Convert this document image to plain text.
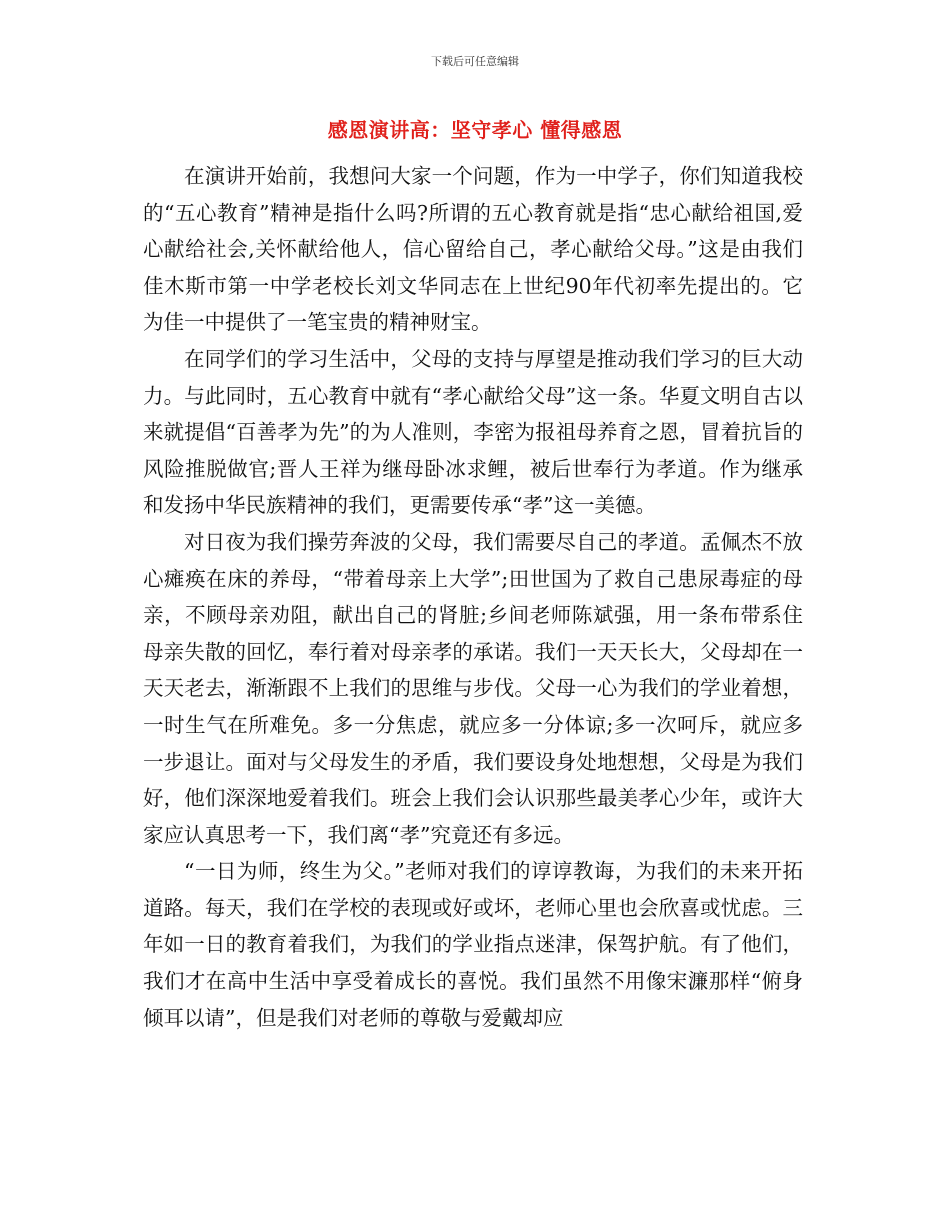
下载后可任意编辑
感恩演讲高：坚守孝心 懂得感恩

在演讲开始前，我想问大家一个问题，作为一中学子，你们知道我校的“五心教育”精神是指什么吗?所谓的五心教育就是指“忠心献给祖国,爱心献给社会,关怀献给他人，信心留给自己，孝心献给父母。”这是由我们佳木斯市第一中学老校长刘文华同志在上世纪90年代初率先提出的。它为佳一中提供了一笔宝贵的精神财宝。

在同学们的学习生活中，父母的支持与厚望是推动我们学习的巨大动力。与此同时，五心教育中就有“孝心献给父母”这一条。华夏文明自古以来就提倡“百善孝为先”的为人准则，李密为报祖母养育之恩，冒着抗旨的风险推脱做官;晋人王祥为继母卧冰求鲤，被后世奉行为孝道。作为继承和发扬中华民族精神的我们，更需要传承“孝”这一美德。

对日夜为我们操劳奔波的父母，我们需要尽自己的孝道。孟佩杰不放心瘫痪在床的养母，“带着母亲上大学”;田世国为了救自己患尿毒症的母亲，不顾母亲劝阻，献出自己的肾脏;乡间老师陈斌强，用一条布带系住母亲失散的回忆，奉行着对母亲孝的承诺。我们一天天长大，父母却在一天天老去，渐渐跟不上我们的思维与步伐。父母一心为我们的学业着想，一时生气在所难免。多一分焦虑，就应多一分体谅;多一次呵斥，就应多一步退让。面对与父母发生的矛盾，我们要设身处地想想，父母是为我们好，他们深深地爱着我们。班会上我们会认识那些最美孝心少年，或许大家应认真思考一下，我们离“孝”究竟还有多远。

“一日为师，终生为父。”老师对我们的谆谆教诲，为我们的未来开拓道路。每天，我们在学校的表现或好或坏，老师心里也会欣喜或忧虑。三年如一日的教育着我们，为我们的学业指点迷津，保驾护航。有了他们，我们才在高中生活中享受着成长的喜悦。我们虽然不用像宋濂那样“俯身倾耳以请”，但是我们对老师的尊敬与爱戴却应
